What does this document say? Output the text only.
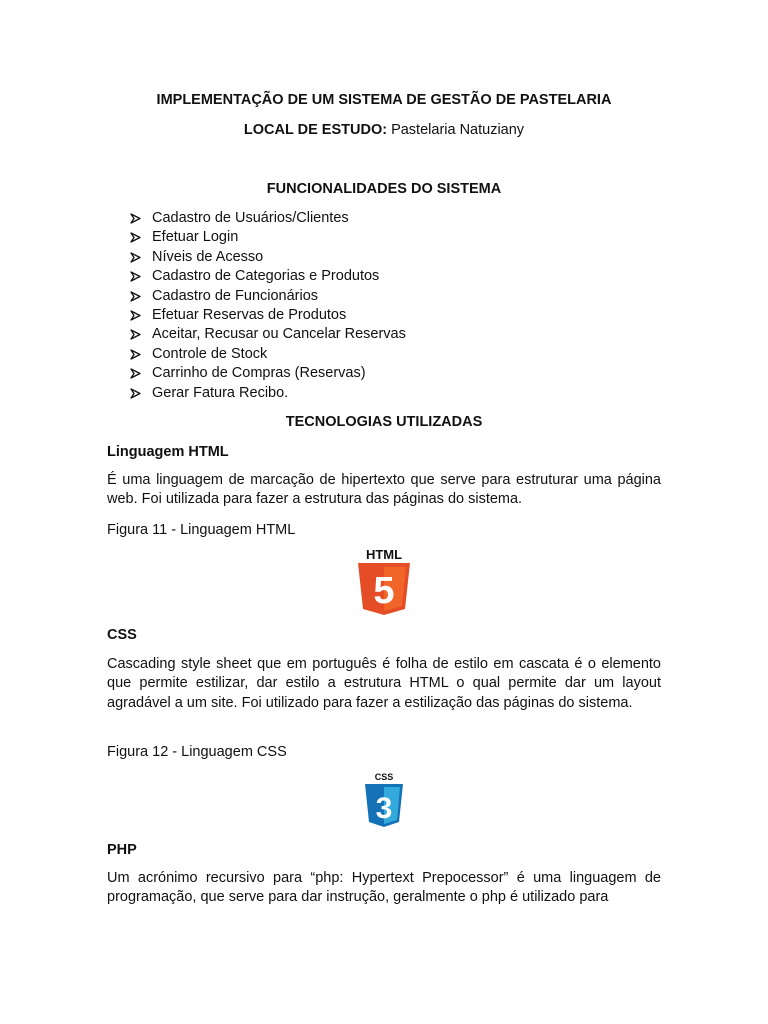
IMPLEMENTAÇÃO DE UM SISTEMA DE GESTÃO DE PASTELARIA
LOCAL DE ESTUDO: Pastelaria Natuziany
FUNCIONALIDADES DO SISTEMA
Cadastro de Usuários/Clientes
Efetuar Login
Níveis de Acesso
Cadastro de Categorias e Produtos
Cadastro de Funcionários
Efetuar Reservas de Produtos
Aceitar, Recusar ou Cancelar Reservas
Controle de Stock
Carrinho de Compras (Reservas)
Gerar Fatura Recibo.
TECNOLOGIAS UTILIZADAS
Linguagem HTML
É uma linguagem de marcação de hipertexto que serve para estruturar uma página web. Foi utilizada para fazer a estrutura das páginas do sistema.
Figura 11 - Linguagem HTML
HTML
5
CSS
Cascading style sheet que em português é folha de estilo em cascata é o elemento que permite estilizar, dar estilo a estrutura HTML o qual permite dar um layout agradável a um site. Foi utilizado para fazer a estilização das páginas do sistema.
Figura 12 - Linguagem CSS
CSS
3
PHP
Um acrónimo recursivo para “php: Hypertext Prepocessor” é uma linguagem de programação, que serve para dar instrução, geralmente o php é utilizado para
